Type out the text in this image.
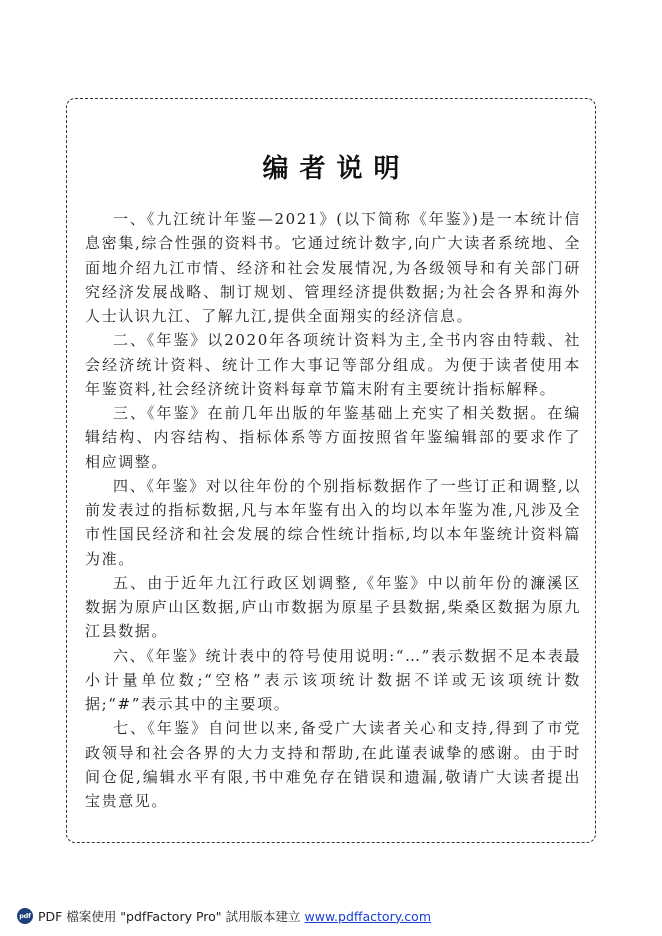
编者说明

一、《九江统计年鉴—2021》(以下简称《年鉴》)是一本统计信息密集,综合性强的资料书。它通过统计数字,向广大读者系统地、全面地介绍九江市情、经济和社会发展情况,为各级领导和有关部门研究经济发展战略、制订规划、管理经济提供数据;为社会各界和海外人士认识九江、了解九江,提供全面翔实的经济信息。

二、《年鉴》以2020年各项统计资料为主,全书内容由特载、社会经济统计资料、统计工作大事记等部分组成。为便于读者使用本年鉴资料,社会经济统计资料每章节篇末附有主要统计指标解释。

三、《年鉴》在前几年出版的年鉴基础上充实了相关数据。在编辑结构、内容结构、指标体系等方面按照省年鉴编辑部的要求作了相应调整。

四、《年鉴》对以往年份的个别指标数据作了一些订正和调整,以前发表过的指标数据,凡与本年鉴有出入的均以本年鉴为准,凡涉及全市性国民经济和社会发展的综合性统计指标,均以本年鉴统计资料篇为准。

五、由于近年九江行政区划调整,《年鉴》中以前年份的濂溪区数据为原庐山区数据,庐山市数据为原星子县数据,柴桑区数据为原九江县数据。

六、《年鉴》统计表中的符号使用说明:“…”表示数据不足本表最小计量单位数;“空格”表示该项统计数据不详或无该项统计数据;“#”表示其中的主要项。

七、《年鉴》自问世以来,备受广大读者关心和支持,得到了市党政领导和社会各界的大力支持和帮助,在此谨表诚挚的感谢。由于时间仓促,编辑水平有限,书中难免存在错误和遗漏,敬请广大读者提出宝贵意见。

pdf PDF 檔案使用 "pdfFactory Pro" 試用版本建立 www.pdffactory.com
